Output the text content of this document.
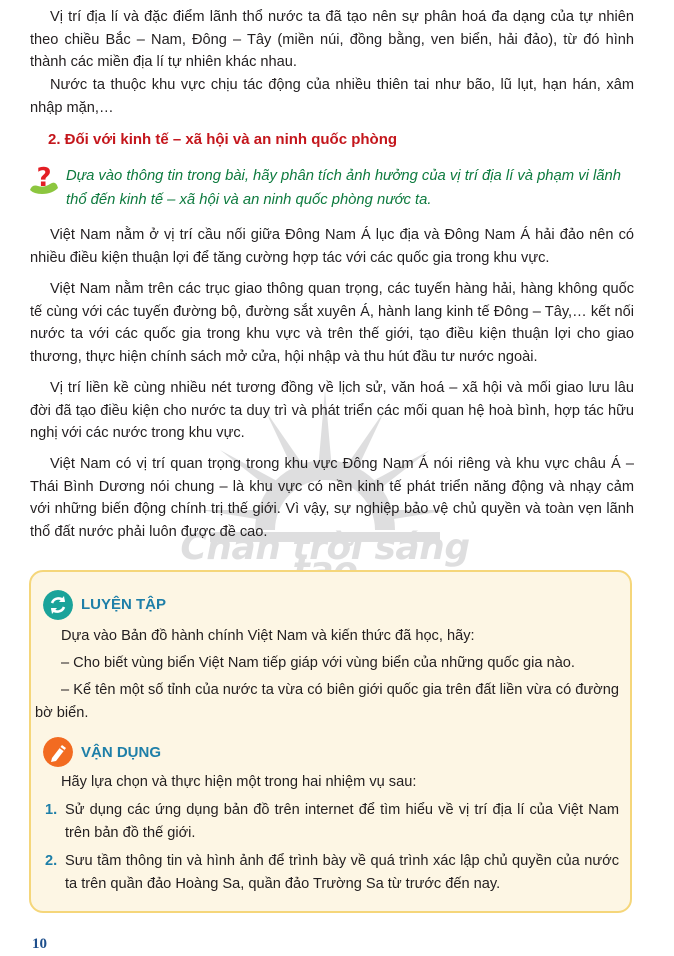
Chân trời sáng

Vị trí địa lí và đặc điểm lãnh thổ nước ta đã tạo nên sự phân hoá đa dạng của tự nhiên theo chiều Bắc – Nam, Đông – Tây (miền núi, đồng bằng, ven biển, hải đảo), từ đó hình thành các miền địa lí tự nhiên khác nhau.

Nước ta thuộc khu vực chịu tác động của nhiều thiên tai như bão, lũ lụt, hạn hán, xâm nhập mặn,…

2. Đối với kinh tế – xã hội và an ninh quốc phòng
? Dựa vào thông tin trong bài, hãy phân tích ảnh hưởng của vị trí địa lí và phạm vi lãnh thổ đến kinh tế – xã hội và an ninh quốc phòng nước ta.

Việt Nam nằm ở vị trí cầu nối giữa Đông Nam Á lục địa và Đông Nam Á hải đảo nên có nhiều điều kiện thuận lợi để tăng cường hợp tác với các quốc gia trong khu vực.

Việt Nam nằm trên các trục giao thông quan trọng, các tuyến hàng hải, hàng không quốc tế cùng với các tuyến đường bộ, đường sắt xuyên Á, hành lang kinh tế Đông – Tây,… kết nối nước ta với các quốc gia trong khu vực và trên thế giới, tạo điều kiện thuận lợi cho giao thương, thực hiện chính sách mở cửa, hội nhập và thu hút đầu tư nước ngoài.

Vị trí liền kề cùng nhiều nét tương đồng về lịch sử, văn hoá – xã hội và mối giao lưu lâu đời đã tạo điều kiện cho nước ta duy trì và phát triển các mối quan hệ hoà bình, hợp tác hữu nghị với các nước trong khu vực.

Việt Nam có vị trí quan trọng trong khu vực Đông Nam Á nói riêng và khu vực châu Á – Thái Bình Dương nói chung – là khu vực có nền kinh tế phát triển năng động và nhạy cảm với những biến động chính trị thế giới. Vì vậy, sự nghiệp bảo vệ chủ quyền và toàn vẹn lãnh thổ đất nước phải luôn được đề cao.

LUYỆN TẬP

Dựa vào Bản đồ hành chính Việt Nam và kiến thức đã học, hãy:

– Cho biết vùng biển Việt Nam tiếp giáp với vùng biển của những quốc gia nào.

– Kể tên một số tỉnh của nước ta vừa có biên giới quốc gia trên đất liền vừa có đường bờ biển.

VẬN DỤNG

Hãy lựa chọn và thực hiện một trong hai nhiệm vụ sau:

1. Sử dụng các ứng dụng bản đồ trên internet để tìm hiểu về vị trí địa lí của Việt Nam trên bản đồ thế giới.

2. Sưu tầm thông tin và hình ảnh để trình bày về quá trình xác lập chủ quyền của nước ta trên quần đảo Hoàng Sa, quần đảo Trường Sa từ trước đến nay.

10
